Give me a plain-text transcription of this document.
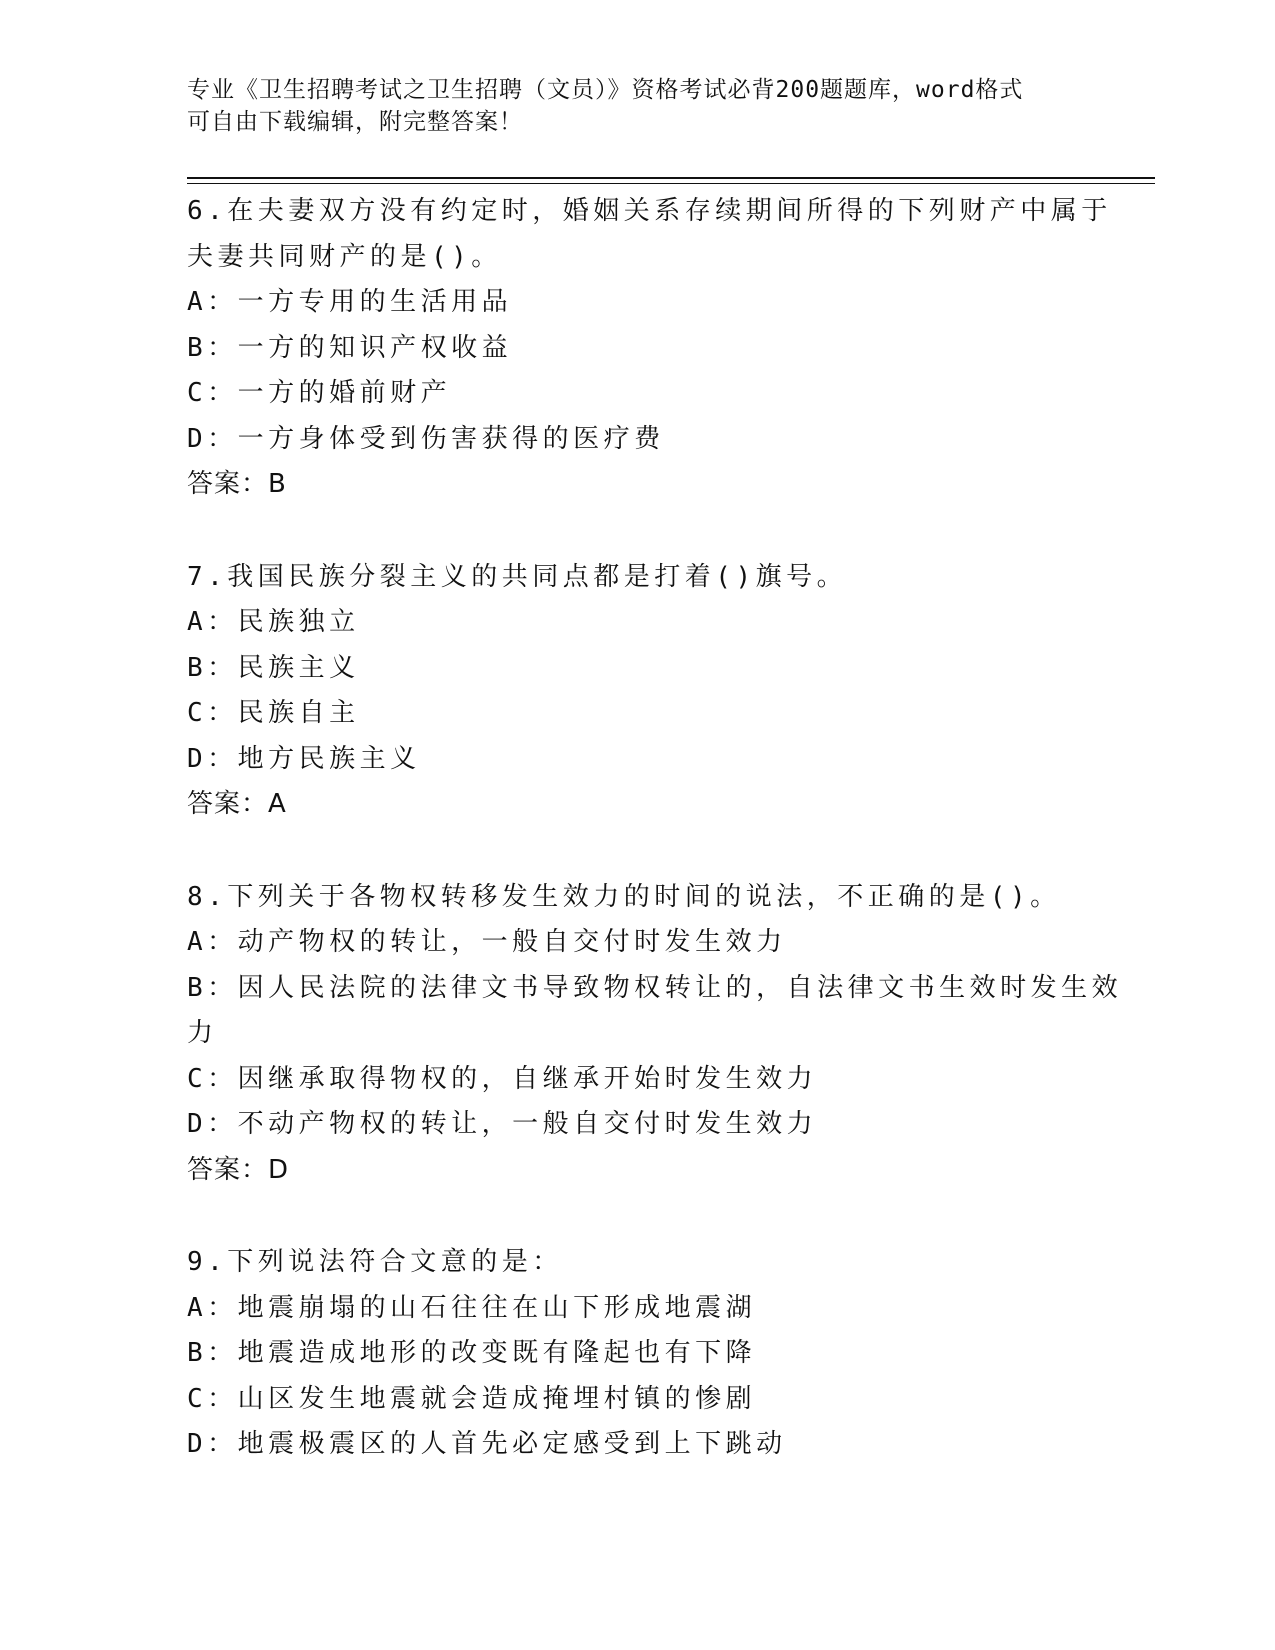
专业《卫生招聘考试之卫生招聘（文员）》资格考试必背200题题库，word格式
可自由下载编辑，附完整答案！
6.在夫妻双方没有约定时，婚姻关系存续期间所得的下列财产中属于
夫妻共同财产的是()。
A：一方专用的生活用品
B：一方的知识产权收益
C：一方的婚前财产
D：一方身体受到伤害获得的医疗费
答案：B
7.我国民族分裂主义的共同点都是打着()旗号。
A：民族独立
B：民族主义
C：民族自主
D：地方民族主义
答案：A
8.下列关于各物权转移发生效力的时间的说法，不正确的是()。
A：动产物权的转让，一般自交付时发生效力
B：因人民法院的法律文书导致物权转让的，自法律文书生效时发生效
力
C：因继承取得物权的，自继承开始时发生效力
D：不动产物权的转让，一般自交付时发生效力
答案：D
9.下列说法符合文意的是：
A：地震崩塌的山石往往在山下形成地震湖
B：地震造成地形的改变既有隆起也有下降
C：山区发生地震就会造成掩埋村镇的惨剧
D：地震极震区的人首先必定感受到上下跳动
